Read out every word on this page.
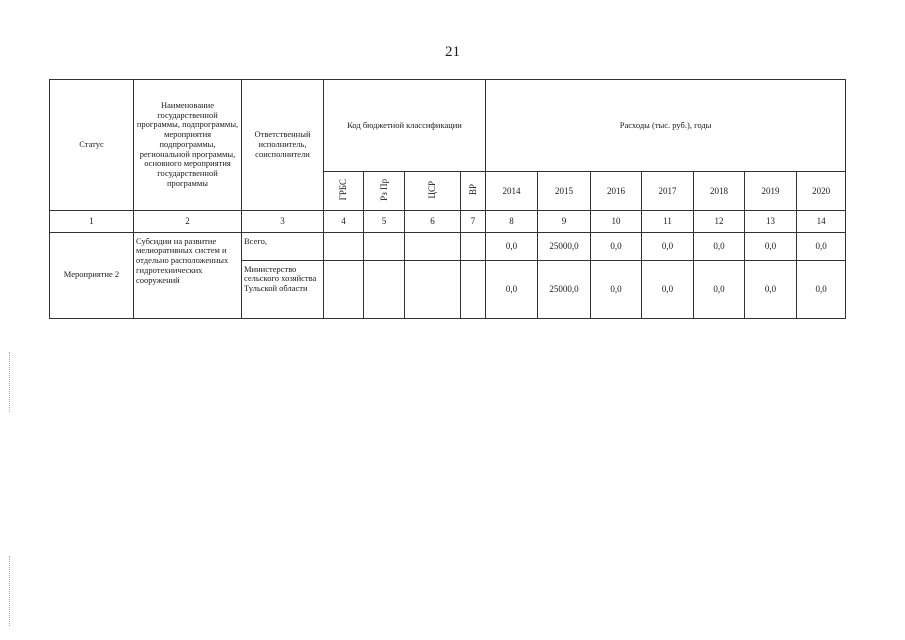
21
Статус	Наименование государственной программы, подпрограммы, мероприятия подпрограммы, региональной программы, основного мероприятия государственной программы	Ответственный исполнитель, соисполнители	Код бюджетной классификации				Расходы (тыс. руб.), годы						
			ГРБС	Рз Пр	ЦСР	ВР	2014	2015	2016	2017	2018	2019	2020
1	2	3	4	5	6	7	8	9	10	11	12	13	14
Мероприятие 2	Субсидии на развитие мелиоративных систем и отдельно расположенных гидротехнических сооружений	Всего,					0,0	25000,0	0,0	0,0	0,0	0,0	0,0
		Министерство сельского хозяйства Тульской области					0,0	25000,0	0,0	0,0	0,0	0,0	0,0
